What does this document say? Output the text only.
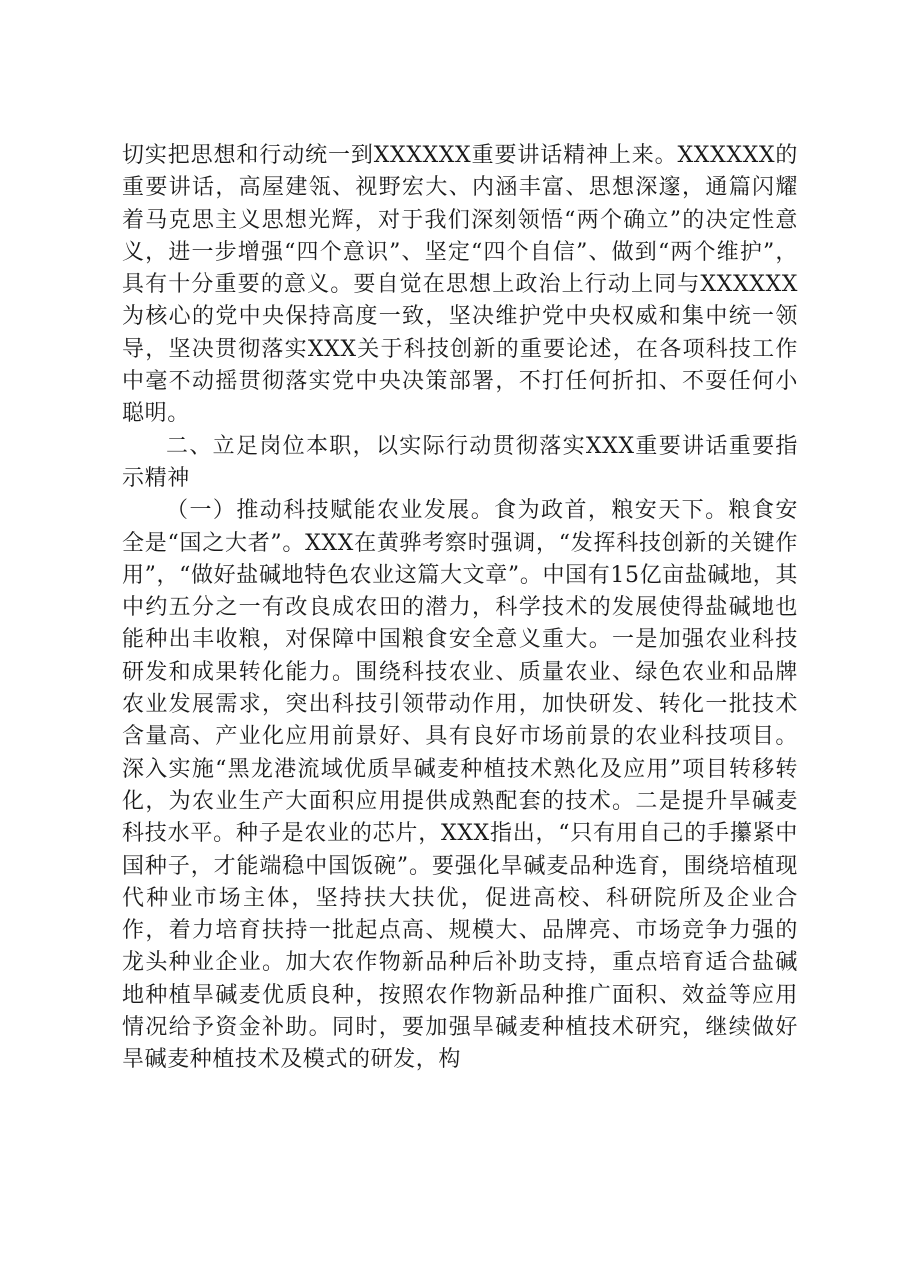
切实把思想和行动统一到XXXXXX重要讲话精神上来。XXXXXX的重要讲话，高屋建瓴、视野宏大、内涵丰富、思想深邃，通篇闪耀着马克思主义思想光辉，对于我们深刻领悟“两个确立”的决定性意义，进一步增强“四个意识”、坚定“四个自信”、做到“两个维护”，具有十分重要的意义。要自觉在思想上政治上行动上同与XXXXXX为核心的党中央保持高度一致，坚决维护党中央权威和集中统一领导，坚决贯彻落实XXX关于科技创新的重要论述，在各项科技工作中毫不动摇贯彻落实党中央决策部署，不打任何折扣、不耍任何小聪明。

二、立足岗位本职，以实际行动贯彻落实XXX重要讲话重要指示精神

（一）推动科技赋能农业发展。食为政首，粮安天下。粮食安全是“国之大者”。XXX在黄骅考察时强调，“发挥科技创新的关键作用”，“做好盐碱地特色农业这篇大文章”。中国有15亿亩盐碱地，其中约五分之一有改良成农田的潜力，科学技术的发展使得盐碱地也能种出丰收粮，对保障中国粮食安全意义重大。一是加强农业科技研发和成果转化能力。围绕科技农业、质量农业、绿色农业和品牌农业发展需求，突出科技引领带动作用，加快研发、转化一批技术含量高、产业化应用前景好、具有良好市场前景的农业科技项目。深入实施“黑龙港流域优质旱碱麦种植技术熟化及应用”项目转移转化，为农业生产大面积应用提供成熟配套的技术。二是提升旱碱麦科技水平。种子是农业的芯片，XXX指出，“只有用自己的手攥紧中国种子，才能端稳中国饭碗”。要强化旱碱麦品种选育，围绕培植现代种业市场主体，坚持扶大扶优，促进高校、科研院所及企业合作，着力培育扶持一批起点高、规模大、品牌亮、市场竞争力强的龙头种业企业。加大农作物新品种后补助支持，重点培育适合盐碱地种植旱碱麦优质良种，按照农作物新品种推广面积、效益等应用情况给予资金补助。同时，要加强旱碱麦种植技术研究，继续做好旱碱麦种植技术及模式的研发，构
